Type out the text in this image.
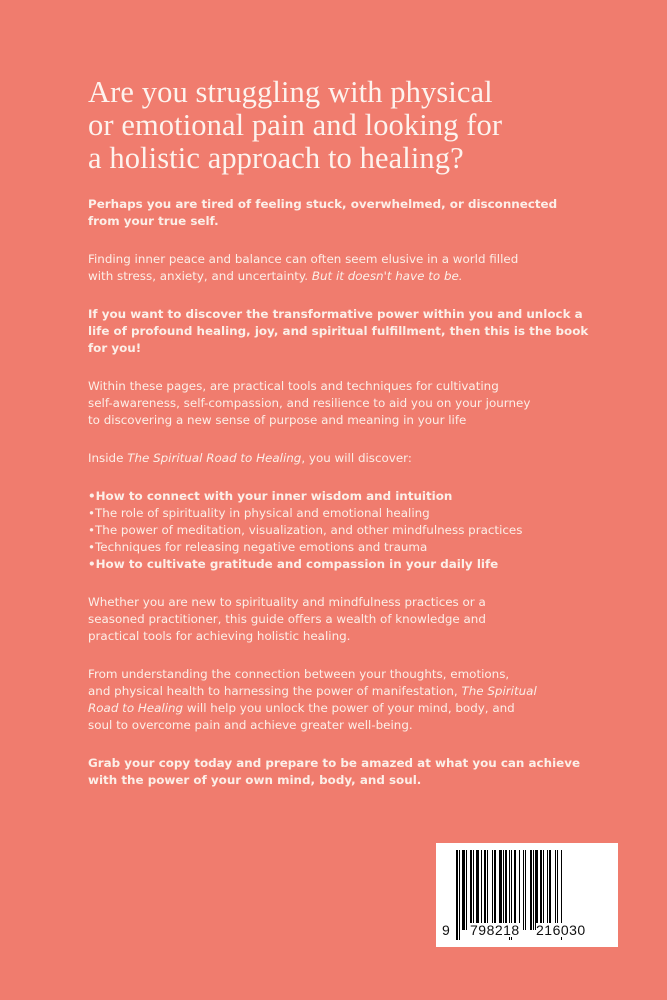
Are you struggling with physical
or emotional pain and looking for
a holistic approach to healing?

Perhaps you are tired of feeling stuck, overwhelmed, or disconnected
from your true self.

Finding inner peace and balance can often seem elusive in a world filled
with stress, anxiety, and uncertainty. But it doesn't have to be.

If you want to discover the transformative power within you and unlock a
life of profound healing, joy, and spiritual fulfillment, then this is the book
for you!

Within these pages, are practical tools and techniques for cultivating
self-awareness, self-compassion, and resilience to aid you on your journey
to discovering a new sense of purpose and meaning in your life

Inside The Spiritual Road to Healing, you will discover:

• How to connect with your inner wisdom and intuition
• The role of spirituality in physical and emotional healing
• The power of meditation, visualization, and other mindfulness practices
• Techniques for releasing negative emotions and trauma
• How to cultivate gratitude and compassion in your daily life

Whether you are new to spirituality and mindfulness practices or a
seasoned practitioner, this guide offers a wealth of knowledge and
practical tools for achieving holistic healing.

From understanding the connection between your thoughts, emotions,
and physical health to harnessing the power of manifestation, The Spiritual
Road to Healing will help you unlock the power of your mind, body, and
soul to overcome pain and achieve greater well-being.

Grab your copy today and prepare to be amazed at what you can achieve
with the power of your own mind, body, and soul.

9 798218 216030
